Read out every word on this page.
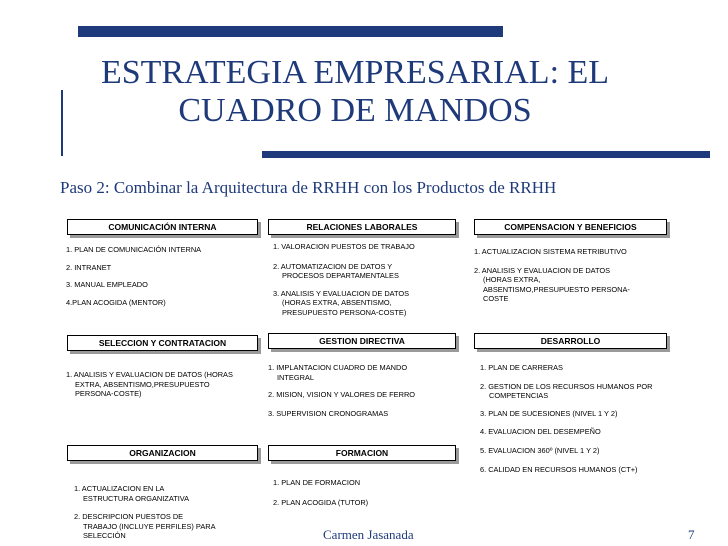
ESTRATEGIA EMPRESARIAL: EL CUADRO DE MANDOS

Paso 2: Combinar la Arquitectura de RRHH con los Productos de RRHH

COMUNICACIÓN INTERNA	RELACIONES LABORALES	COMPENSACION Y BENEFICIOS
1. PLAN DE COMUNICACIÓN INTERNA
2. INTRANET
3. MANUAL EMPLEADO
4.PLAN ACOGIDA (MENTOR)
1. VALORACION PUESTOS DE TRABAJO
2. AUTOMATIZACION DE DATOS Y
PROCESOS DEPARTAMENTALES
3. ANALISIS Y EVALUACION DE DATOS
(HORAS EXTRA, ABSENTISMO,
PRESUPUESTO PERSONA-COSTE)
1. ACTUALIZACION SISTEMA RETRIBUTIVO
2. ANALISIS Y EVALUACION DE DATOS
(HORAS EXTRA,
ABSENTISMO,PRESUPUESTO PERSONA-
COSTE
SELECCION Y CONTRATACION	GESTION DIRECTIVA	DESARROLLO
1. ANALISIS Y EVALUACION DE DATOS (HORAS
EXTRA, ABSENTISMO,PRESUPUESTO
PERSONA-COSTE)
1. IMPLANTACION CUADRO DE MANDO
INTEGRAL
2. MISION, VISION Y VALORES DE FERRO
3. SUPERVISION CRONOGRAMAS
1. PLAN DE CARRERAS
2. GESTION DE LOS RECURSOS HUMANOS POR
COMPETENCIAS
3. PLAN DE SUCESIONES (NIVEL 1 Y 2)
4. EVALUACION DEL DESEMPEÑO
5. EVALUACION 360º (NIVEL 1 Y 2)
6. CALIDAD EN RECURSOS HUMANOS (CT+)
ORGANIZACION	FORMACION
1. ACTUALIZACION EN LA
ESTRUCTURA ORGANIZATIVA
2. DESCRIPCION PUESTOS DE
TRABAJO (INCLUYE PERFILES) PARA
SELECCIÓN
1. PLAN DE FORMACION
2. PLAN ACOGIDA (TUTOR)
Carmen Jasanada	7
